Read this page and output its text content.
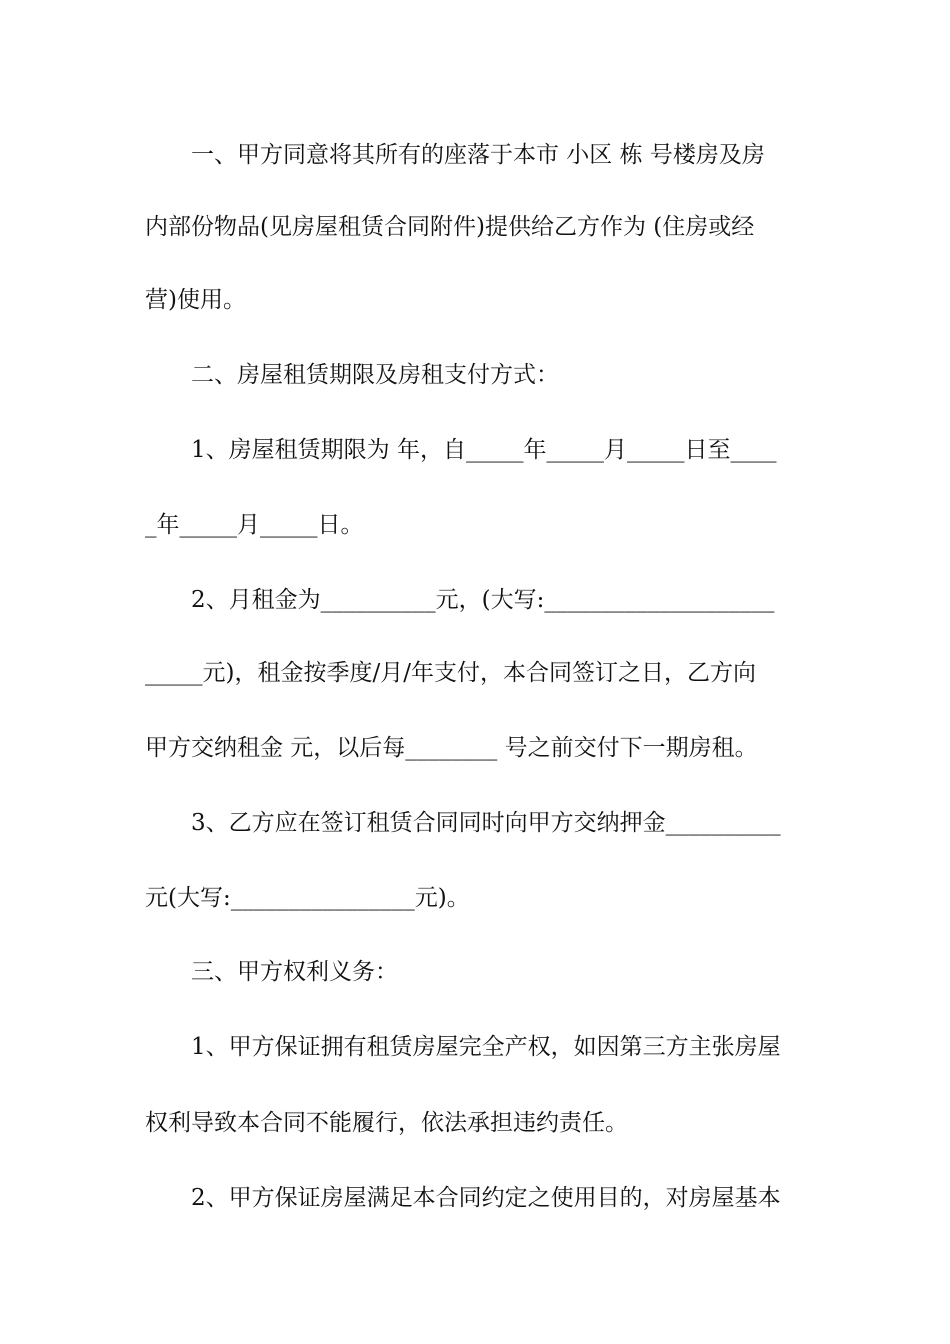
一、甲方同意将其所有的座落于本市 小区 栋 号楼房及房
内部份物品(见房屋租赁合同附件)提供给乙方作为 (住房或经
营)使用。
二、房屋租赁期限及房租支付方式：
1、房屋租赁期限为 年，自_____年_____月_____日至____
_年_____月_____日。
2、月租金为__________元，(大写:____________________
_____元)，租金按季度/月/年支付，本合同签订之日，乙方向
甲方交纳租金 元，以后每________ 号之前交付下一期房租。
3、乙方应在签订租赁合同同时向甲方交纳押金__________
元(大写:________________元)。
三、甲方权利义务：
1、甲方保证拥有租赁房屋完全产权，如因第三方主张房屋
权利导致本合同不能履行，依法承担违约责任。
2、甲方保证房屋满足本合同约定之使用目的，对房屋基本
